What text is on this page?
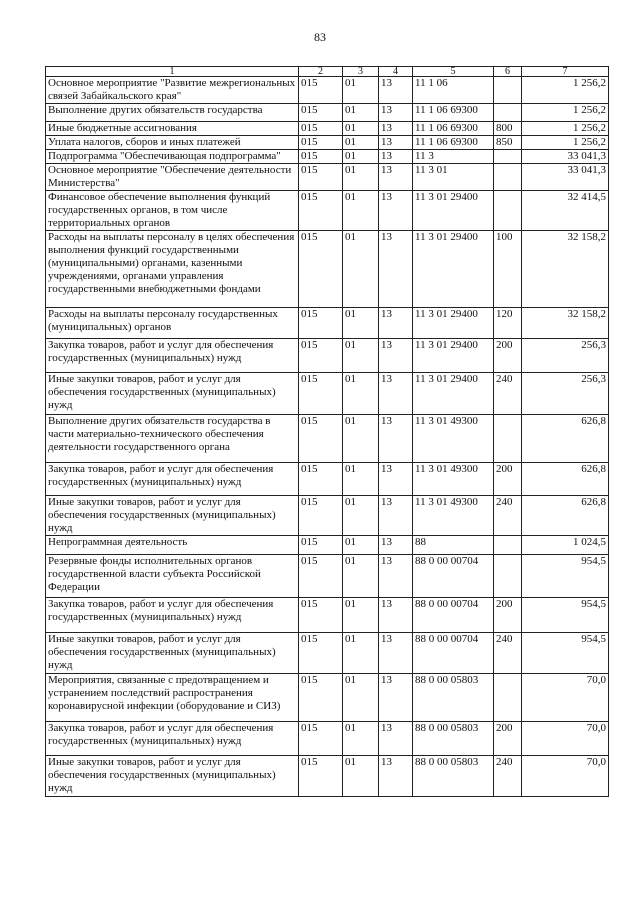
83
1	2	3	4	5	6	7
Основное мероприятие "Развитие межрегиональных связей Забайкальского края"	015	01	13	11 1 06		1 256,2
Выполнение других обязательств государства	015	01	13	11 1 06 69300		1 256,2
Иные бюджетные ассигнования	015	01	13	11 1 06 69300	800	1 256,2
Уплата налогов, сборов и иных платежей	015	01	13	11 1 06 69300	850	1 256,2
Подпрограмма "Обеспечивающая подпрограмма"	015	01	13	11 3		33 041,3
Основное мероприятие "Обеспечение деятельности Министерства"	015	01	13	11 3 01		33 041,3
Финансовое обеспечение выполнения функций государственных органов, в том числе территориальных органов	015	01	13	11 3 01 29400		32 414,5
Расходы на выплаты персоналу в целях обеспечения выполнения функций государственными (муниципальными) органами, казенными учреждениями, органами управления государственными внебюджетными фондами	015	01	13	11 3 01 29400	100	32 158,2
Расходы на выплаты персоналу государственных (муниципальных) органов	015	01	13	11 3 01 29400	120	32 158,2
Закупка товаров, работ и услуг для обеспечения государственных (муниципальных) нужд	015	01	13	11 3 01 29400	200	256,3
Иные закупки товаров, работ и услуг для обеспечения государственных (муниципальных) нужд	015	01	13	11 3 01 29400	240	256,3
Выполнение других обязательств государства в части материально-технического обеспечения деятельности государственного органа	015	01	13	11 3 01 49300		626,8
Закупка товаров, работ и услуг для обеспечения государственных (муниципальных) нужд	015	01	13	11 3 01 49300	200	626,8
Иные закупки товаров, работ и услуг для обеспечения государственных (муниципальных) нужд	015	01	13	11 3 01 49300	240	626,8
Непрограммная деятельность	015	01	13	88		1 024,5
Резервные фонды исполнительных органов государственной власти субъекта Российской Федерации	015	01	13	88 0 00 00704		954,5
Закупка товаров, работ и услуг для обеспечения государственных (муниципальных) нужд	015	01	13	88 0 00 00704	200	954,5
Иные закупки товаров, работ и услуг для обеспечения государственных (муниципальных) нужд	015	01	13	88 0 00 00704	240	954,5
Мероприятия, связанные с предотвращением и устранением последствий распространения коронавирусной инфекции (оборудование и СИЗ)	015	01	13	88 0 00 05803		70,0
Закупка товаров, работ и услуг для обеспечения государственных (муниципальных) нужд	015	01	13	88 0 00 05803	200	70,0
Иные закупки товаров, работ и услуг для обеспечения государственных (муниципальных) нужд	015	01	13	88 0 00 05803	240	70,0
